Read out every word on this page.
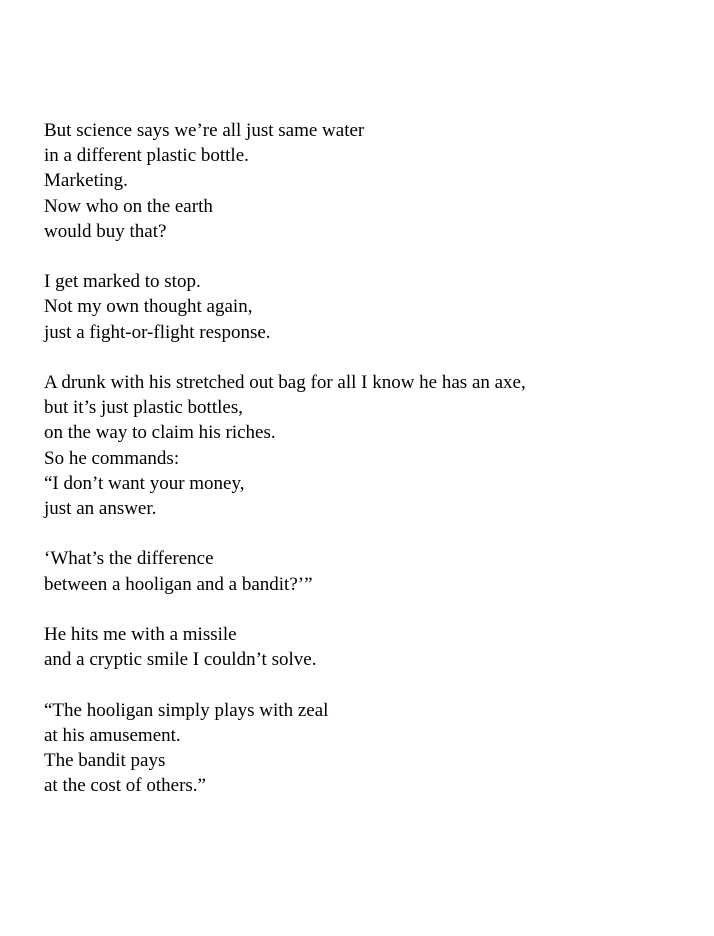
But science says we’re all just same water
in a different plastic bottle.
Marketing.
Now who on the earth
would buy that?
I get marked to stop.
Not my own thought again,
just a fight-or-flight response.
A drunk with his stretched out bag for all I know he has an axe,
but it’s just plastic bottles,
on the way to claim his riches.
So he commands:
“I don’t want your money,
just an answer.
‘What’s the difference
between a hooligan and a bandit?’”
He hits me with a missile
and a cryptic smile I couldn’t solve.
“The hooligan simply plays with zeal
at his amusement.
The bandit pays
at the cost of others.”
